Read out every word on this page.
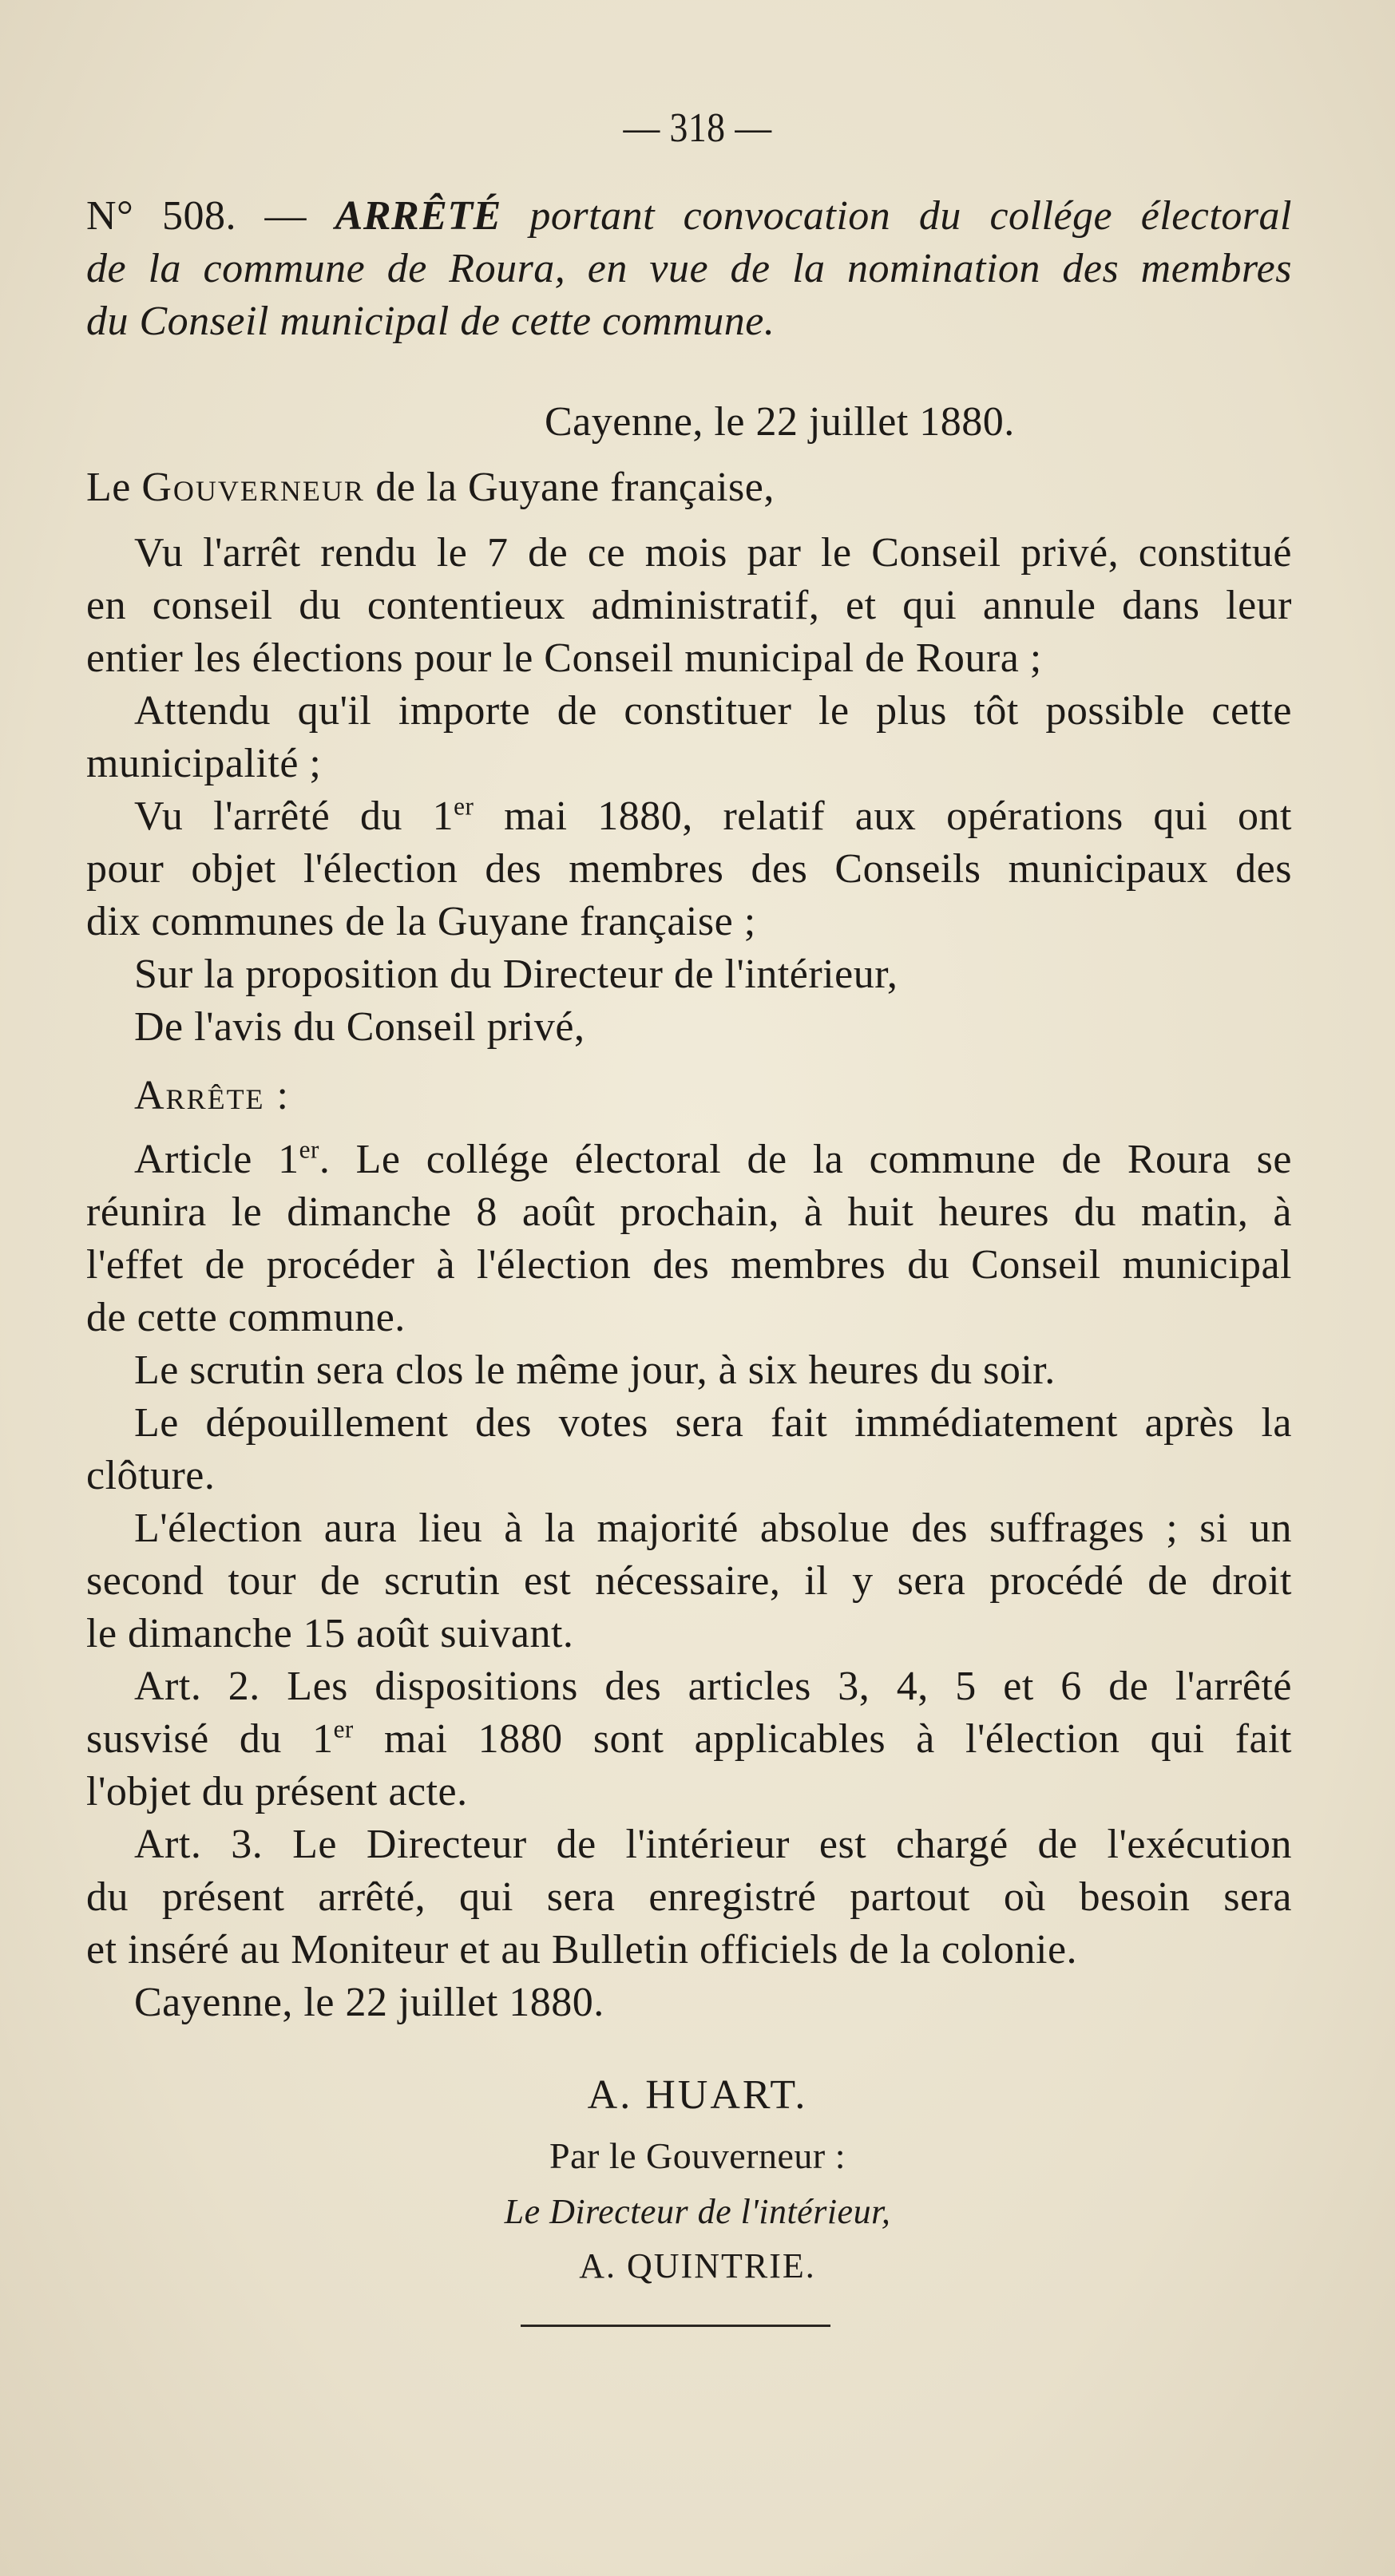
— 318 —
N° 508. — ARRÊTÉ portant convocation du collége électoral
de la commune de Roura, en vue de la nomination des membres
du Conseil municipal de cette commune.
Cayenne, le 22 juillet 1880.
Le Gouverneur de la Guyane française,
Vu l'arrêt rendu le 7 de ce mois par le Conseil privé, constitué
en conseil du contentieux administratif, et qui annule dans leur
entier les élections pour le Conseil municipal de Roura ;
Attendu qu'il importe de constituer le plus tôt possible cette
municipalité ;
Vu l'arrêté du 1er mai 1880, relatif aux opérations qui ont
pour objet l'élection des membres des Conseils municipaux des
dix communes de la Guyane française ;
Sur la proposition du Directeur de l'intérieur,
De l'avis du Conseil privé,
Arrête :
Article 1er. Le collége électoral de la commune de Roura se
réunira le dimanche 8 août prochain, à huit heures du matin, à
l'effet de procéder à l'élection des membres du Conseil municipal
de cette commune.
Le scrutin sera clos le même jour, à six heures du soir.
Le dépouillement des votes sera fait immédiatement après la
clôture.
L'élection aura lieu à la majorité absolue des suffrages ; si un
second tour de scrutin est nécessaire, il y sera procédé de droit
le dimanche 15 août suivant.
Art. 2. Les dispositions des articles 3, 4, 5 et 6 de l'arrêté
susvisé du 1er mai 1880 sont applicables à l'élection qui fait
l'objet du présent acte.
Art. 3. Le Directeur de l'intérieur est chargé de l'exécution
du présent arrêté, qui sera enregistré partout où besoin sera
et inséré au Moniteur et au Bulletin officiels de la colonie.
Cayenne, le 22 juillet 1880.
A. HUART.
Par le Gouverneur :
Le Directeur de l'intérieur,
A. QUINTRIE.
